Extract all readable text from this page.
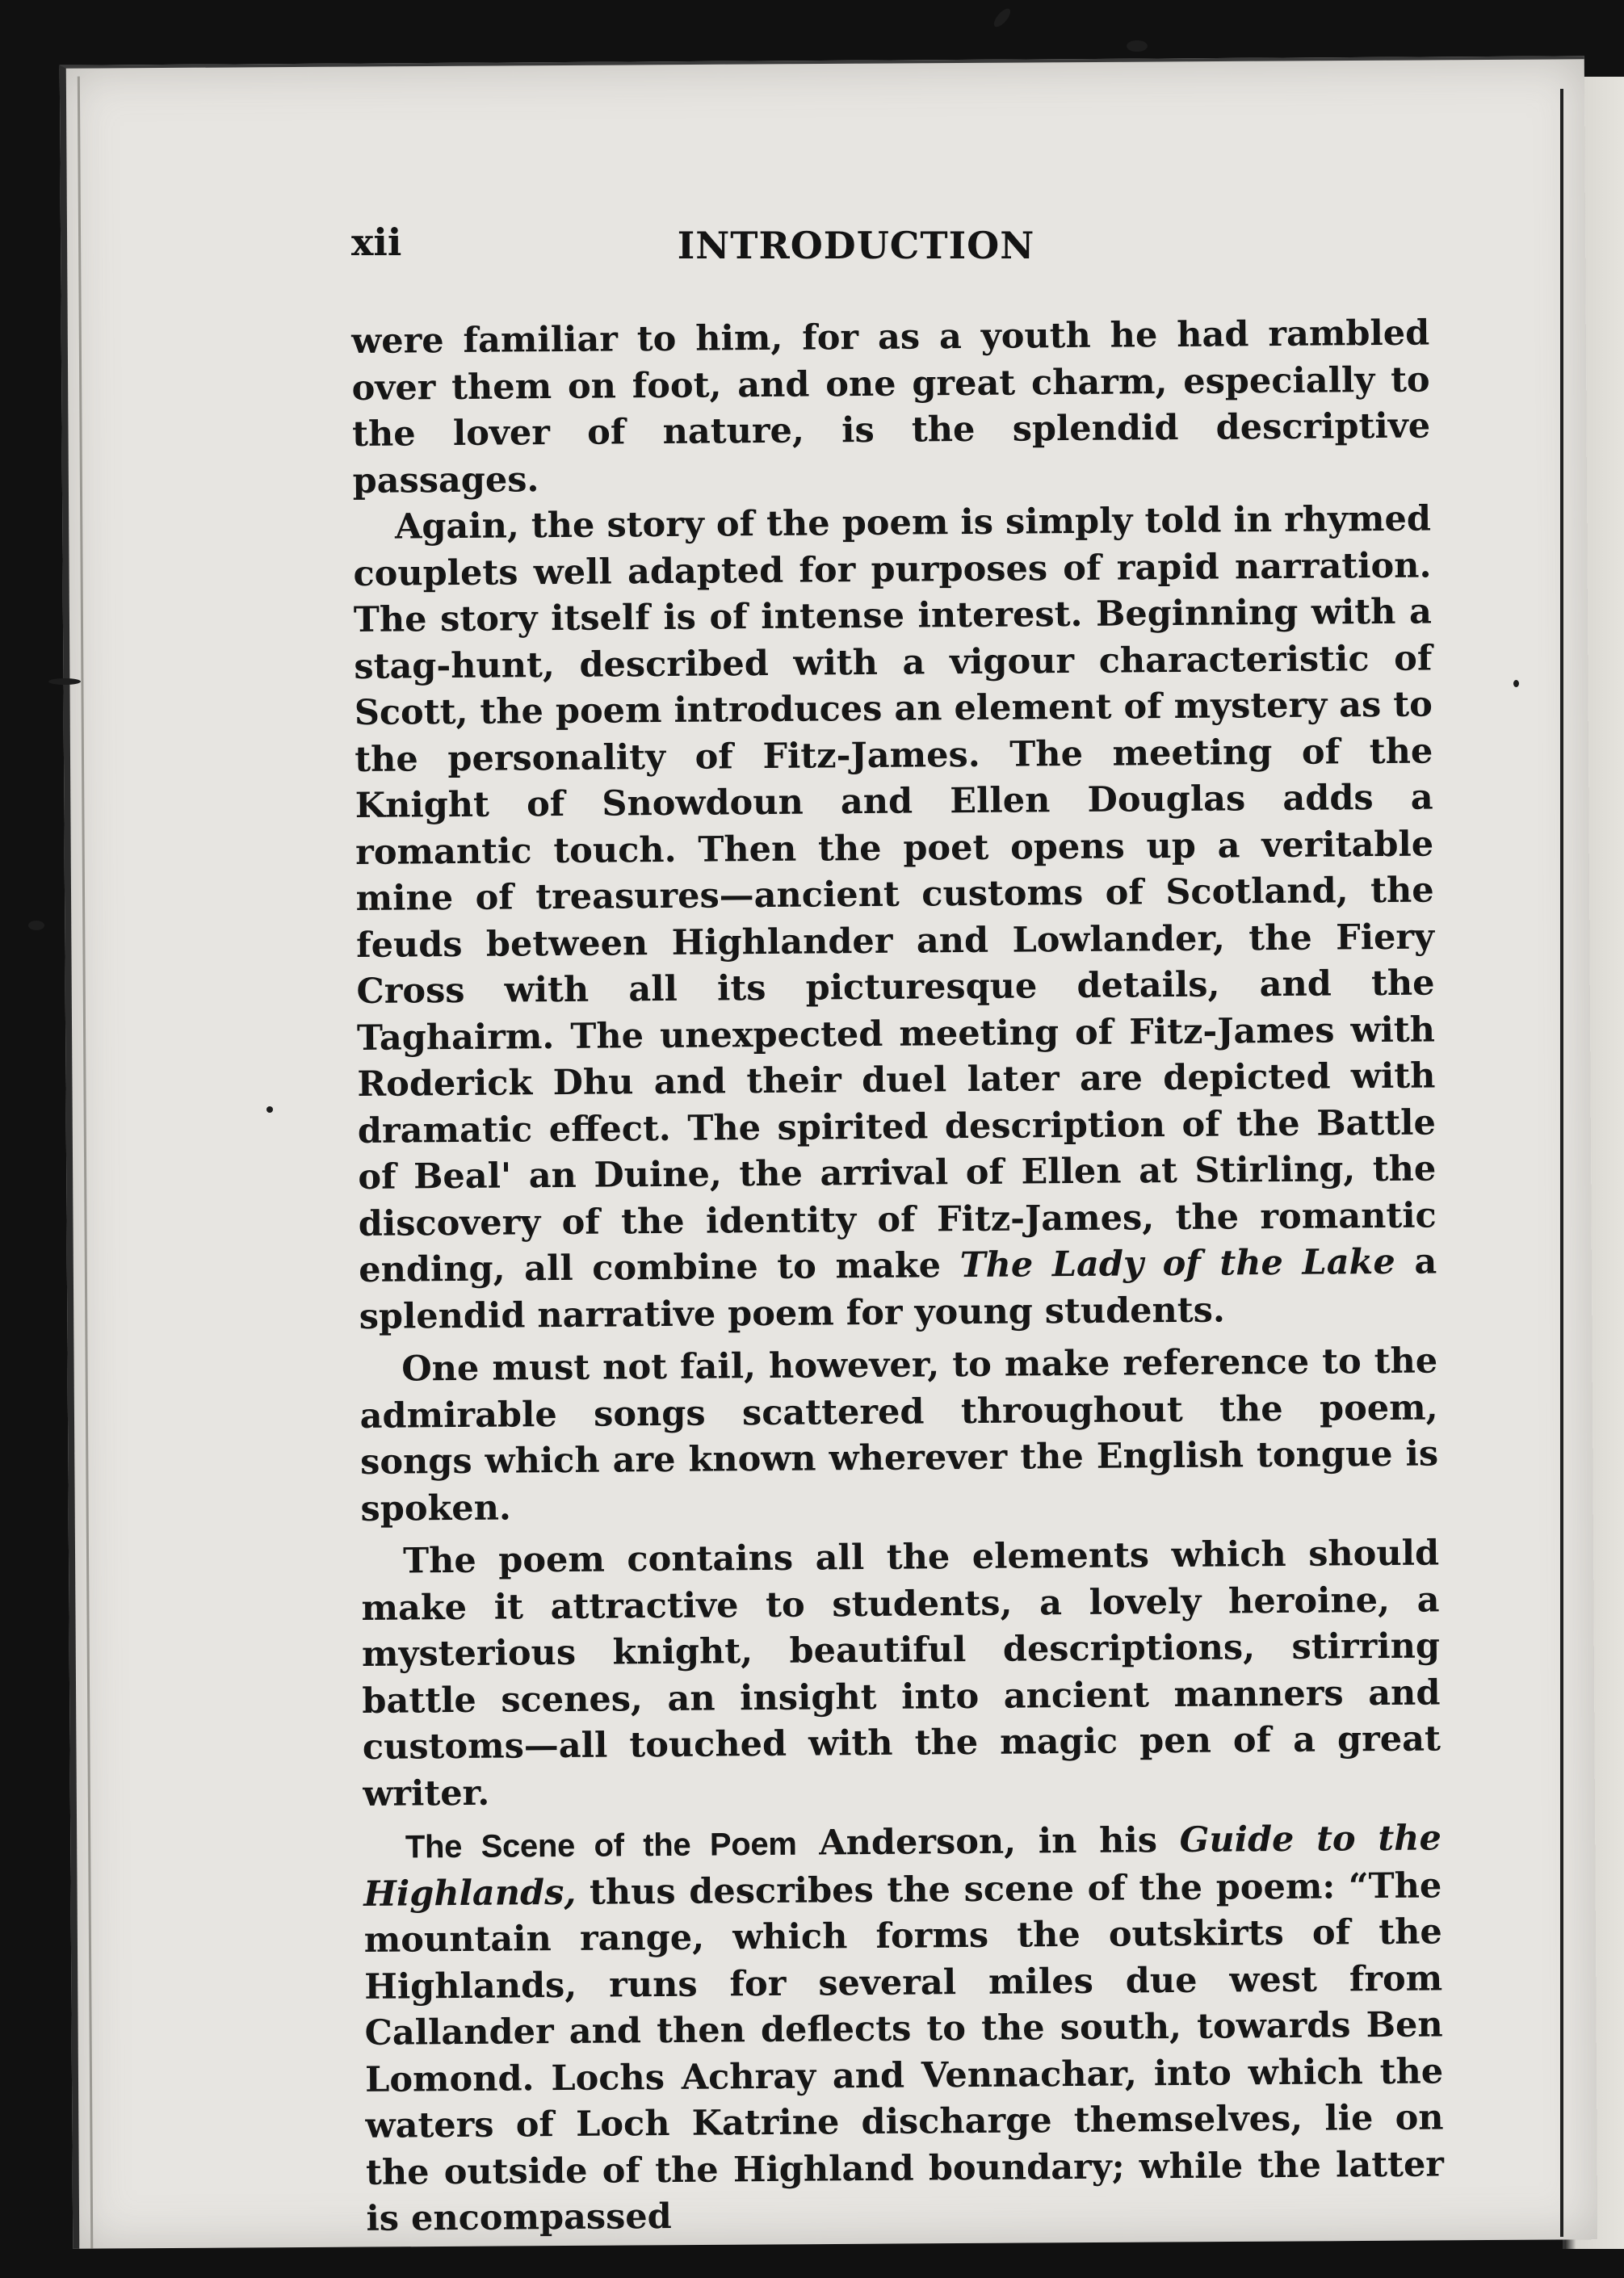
xii	INTRODUCTION

were familiar to him, for as a youth he had rambled over them on foot, and one great charm, especially to the lover of nature, is the splendid descriptive passages.

Again, the story of the poem is simply told in rhymed couplets well adapted for purposes of rapid narration. The story itself is of intense interest. Beginning with a stag-hunt, described with a vigour characteristic of Scott, the poem introduces an element of mystery as to the personality of Fitz-James. The meeting of the Knight of Snowdoun and Ellen Douglas adds a romantic touch. Then the poet opens up a veritable mine of treasures—ancient customs of Scotland, the feuds between Highlander and Lowlander, the Fiery Cross with all its picturesque details, and the Taghairm. The unexpected meeting of Fitz-James with Roderick Dhu and their duel later are depicted with dramatic effect. The spirited description of the Battle of Beal' an Duine, the arrival of Ellen at Stirling, the discovery of the identity of Fitz-James, the romantic ending, all combine to make The Lady of the Lake a splendid narrative poem for young students.

One must not fail, however, to make reference to the admirable songs scattered throughout the poem, songs which are known wherever the English tongue is spoken.

The poem contains all the elements which should make it attractive to students, a lovely heroine, a mysterious knight, beautiful descriptions, stirring battle scenes, an insight into ancient manners and customs—all touched with the magic pen of a great writer.

The Scene of the Poem Anderson, in his Guide to the Highlands, thus describes the scene of the poem: “The mountain range, which forms the outskirts of the Highlands, runs for several miles due west from Callander and then deflects to the south, towards Ben Lomond. Lochs Achray and Vennachar, into which the waters of Loch Katrine discharge themselves, lie on the outside of the Highland boundary; while the latter is encompassed
